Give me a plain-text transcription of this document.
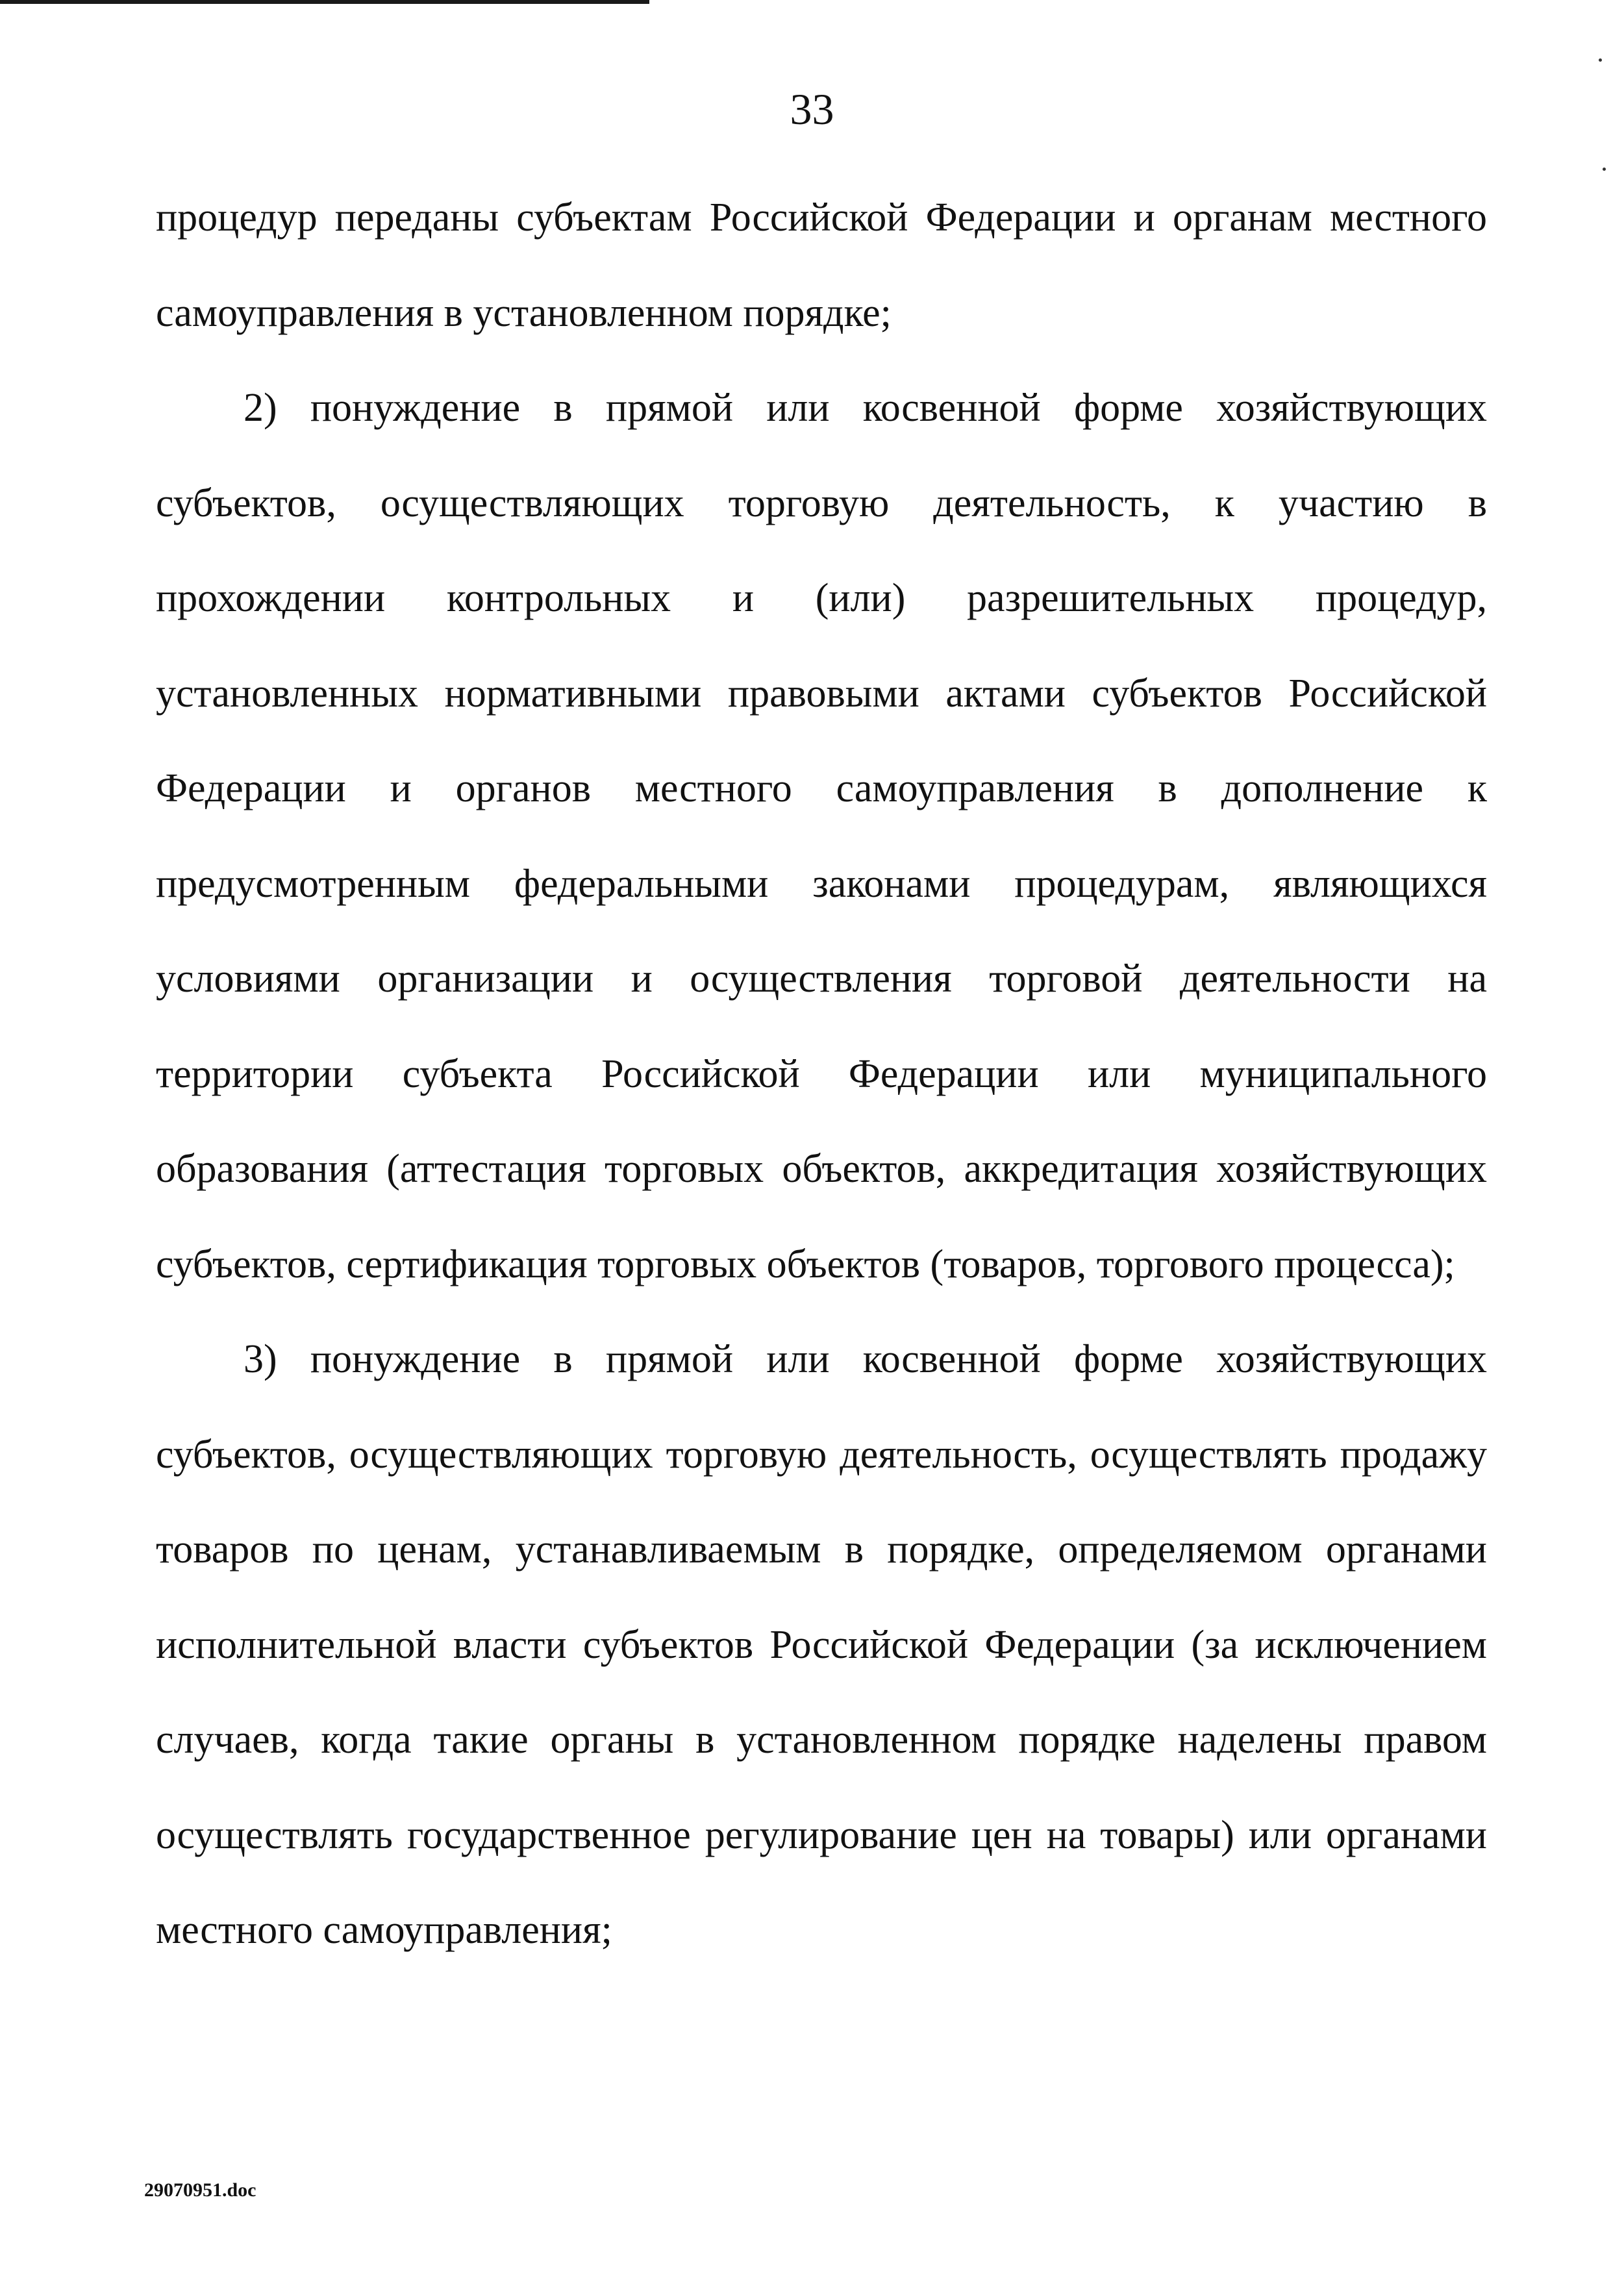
33

процедур переданы субъектам Российской Федерации и органам местного самоуправления в установленном порядке;

2) понуждение в прямой или косвенной форме хозяйствующих субъектов, осуществляющих торговую деятельность, к участию в прохождении контрольных и (или) разрешительных процедур, установленных нормативными правовыми актами субъектов Российской Федерации и органов местного самоуправления в дополнение к предусмотренным федеральными законами процедурам, являющихся условиями организации и осуществления торговой деятельности на территории субъекта Российской Федерации или муниципального образования (аттестация торговых объектов, аккредитация хозяйствующих субъектов, сертификация торговых объектов (товаров, торгового процесса);

3) понуждение в прямой или косвенной форме хозяйствующих субъектов, осуществляющих торговую деятельность, осуществлять продажу товаров по ценам, устанавливаемым в порядке, определяемом органами исполнительной власти субъектов Российской Федерации (за исключением случаев, когда такие органы в установленном порядке наделены правом осуществлять государственное регулирование цен на товары) или органами местного самоуправления;

29070951.doc
